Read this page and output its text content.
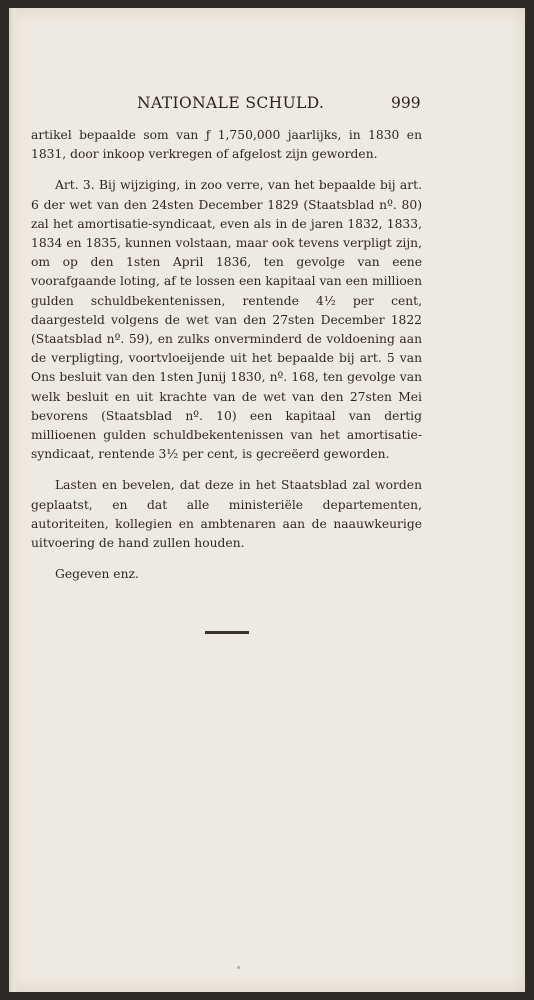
NATIONALE SCHULD.	999

artikel bepaalde som van ƒ 1,750,000 jaarlijks, in 1830 en 1831, door inkoop verkregen of afgelost zijn geworden.

Art. 3. Bij wijziging, in zoo verre, van het bepaalde bij art. 6 der wet van den 24sten December 1829 (Staatsblad nº. 80) zal het amortisatie-syndicaat, even als in de jaren 1832, 1833, 1834 en 1835, kunnen volstaan, maar ook tevens verpligt zijn, om op den 1sten April 1836, ten gevolge van eene voorafgaande loting, af te lossen een kapitaal van een millioen gulden schuldbekentenissen, rentende 4½ per cent, daargesteld volgens de wet van den 27sten December 1822 (Staatsblad nº. 59), en zulks onverminderd de voldoening aan de verpligting, voortvloeijende uit het bepaalde bij art. 5 van Ons besluit van den 1sten Junij 1830, nº. 168, ten gevolge van welk besluit en uit krachte van de wet van den 27sten Mei bevorens (Staatsblad nº. 10) een kapitaal van dertig millioenen gulden schuldbekentenissen van het amortisatie-syndicaat, rentende 3½ per cent, is gecreëerd geworden.

Lasten en bevelen, dat deze in het Staatsblad zal worden geplaatst, en dat alle ministeriële departementen, autoriteiten, kollegien en ambtenaren aan de naauwkeurige uitvoering de hand zullen houden.

Gegeven enz.
